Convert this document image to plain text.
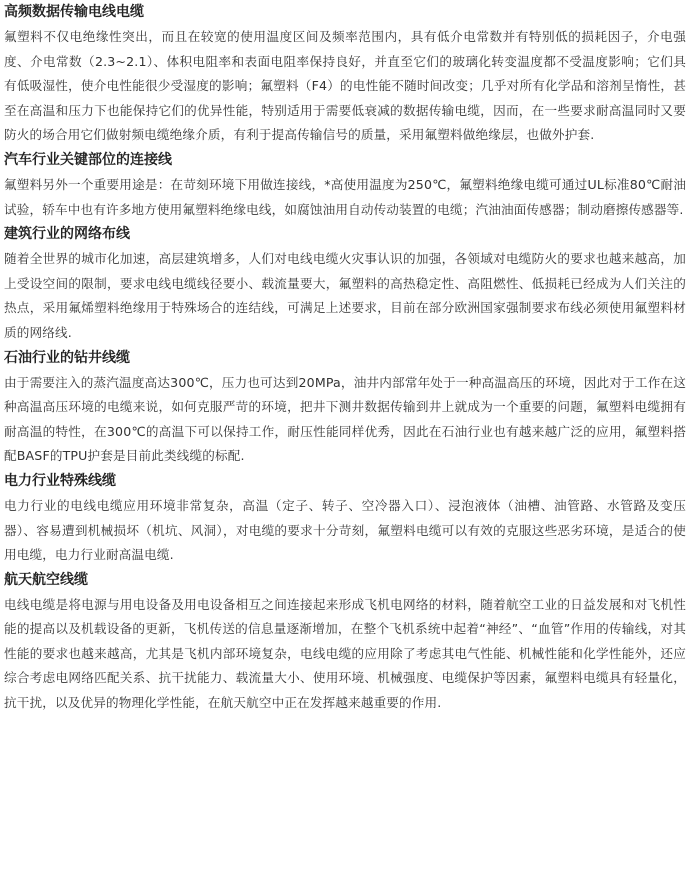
高频数据传输电线电缆

氟塑料不仅电绝缘性突出，而且在较宽的使用温度区间及频率范围内，具有低介电常数并有特别低的损耗因子，介电强度、介电常数（2.3~2.1）、体积电阻率和表面电阻率保持良好，并直至它们的玻璃化转变温度都不受温度影响；它们具有低吸湿性，使介电性能很少受湿度的影响；氟塑料（F4）的电性能不随时间改变；几乎对所有化学品和溶剂呈惰性，甚至在高温和压力下也能保持它们的优异性能，特别适用于需要低衰减的数据传输电缆，因而，在一些要求耐高温同时又要防火的场合用它们做射频电缆绝缘介质，有利于提高传输信号的质量，采用氟塑料做绝缘层，也做外护套.

汽车行业关键部位的连接线

氟塑料另外一个重要用途是：在苛刻环境下用做连接线，*高使用温度为250℃，氟塑料绝缘电缆可通过UL标准80℃耐油试验，轿车中也有许多地方使用氟塑料绝缘电线，如腐蚀油用自动传动装置的电缆；汽油油面传感器；制动磨擦传感器等.

建筑行业的网络布线

随着全世界的城市化加速，高层建筑增多，人们对电线电缆火灾事认识的加强，各领域对电缆防火的要求也越来越高，加上受设空间的限制，要求电线电缆线径要小、载流量要大，氟塑料的高热稳定性、高阻燃性、低损耗已经成为人们关注的热点，采用氟烯塑料绝缘用于特殊场合的连结线，可满足上述要求，目前在部分欧洲国家强制要求布线必须使用氟塑料材质的网络线.

石油行业的钻井线缆

由于需要注入的蒸汽温度高达300℃，压力也可达到20MPa，油井内部常年处于一种高温高压的环境，因此对于工作在这种高温高压环境的电缆来说，如何克服严苛的环境，把井下测井数据传输到井上就成为一个重要的问题，氟塑料电缆拥有耐高温的特性，在300℃的高温下可以保持工作，耐压性能同样优秀，因此在石油行业也有越来越广泛的应用，氟塑料搭配BASF的TPU护套是目前此类线缆的标配.

电力行业特殊线缆

电力行业的电线电缆应用环境非常复杂，高温（定子、转子、空冷器入口）、浸泡液体（油槽、油管路、水管路及变压器）、容易遭到机械损坏（机坑、风洞），对电缆的要求十分苛刻，氟塑料电缆可以有效的克服这些恶劣环境，是适合的使用电缆，电力行业耐高温电缆.

航天航空线缆

电线电缆是将电源与用电设备及用电设备相互之间连接起来形成飞机电网络的材料，随着航空工业的日益发展和对飞机性能的提高以及机载设备的更新，飞机传送的信息量逐渐增加，在整个飞机系统中起着“神经”、“血管”作用的传输线，对其性能的要求也越来越高，尤其是飞机内部环境复杂，电线电缆的应用除了考虑其电气性能、机械性能和化学性能外，还应综合考虑电网络匹配关系、抗干扰能力、载流量大小、使用环境、机械强度、电缆保护等因素，氟塑料电缆具有轻量化，抗干扰，以及优异的物理化学性能，在航天航空中正在发挥越来越重要的作用.
